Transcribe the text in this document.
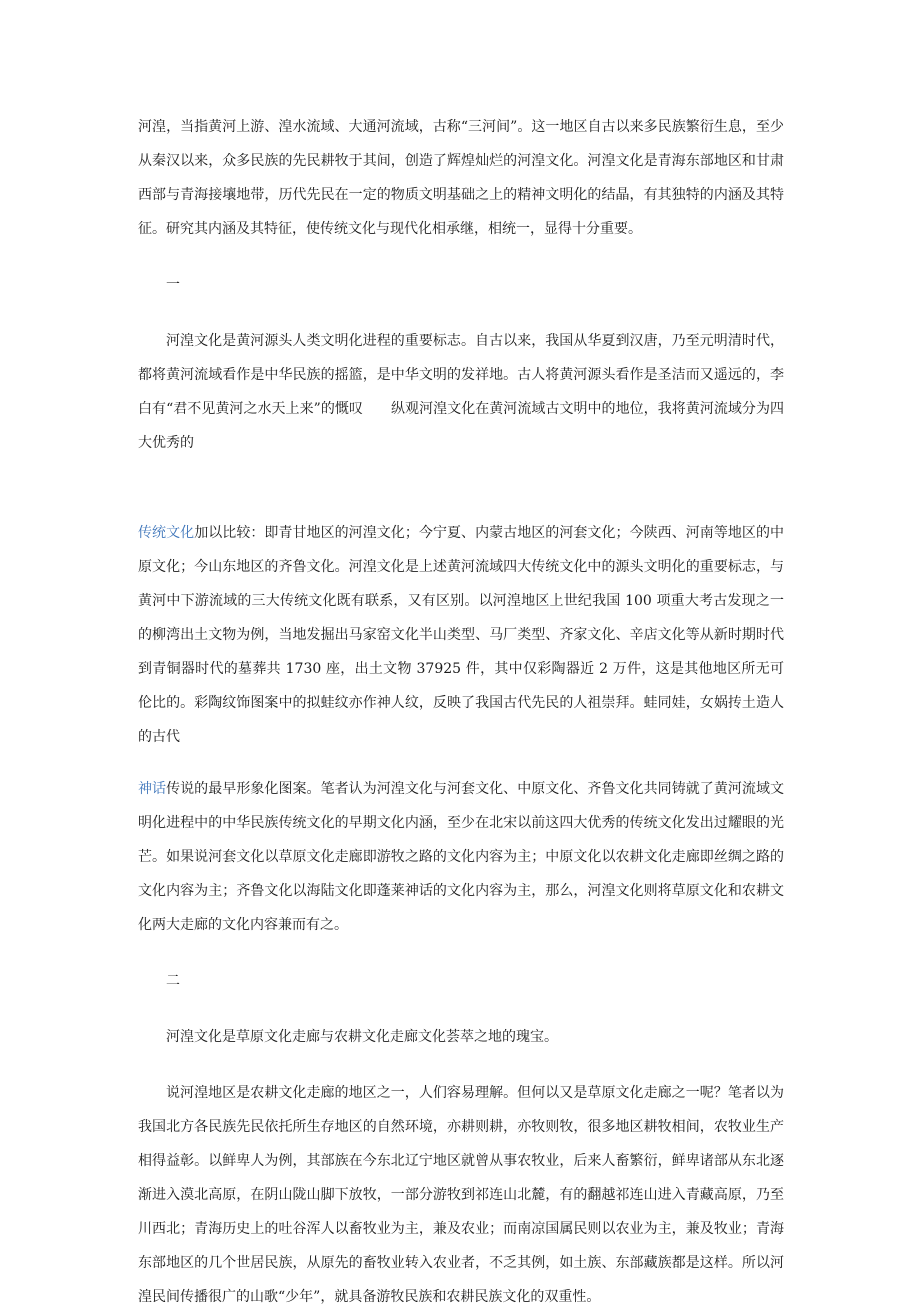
河湟，当指黄河上游、湟水流域、大通河流域，古称“三河间”。这一地区自古以来多民族繁衍生息，至少从秦汉以来，众多民族的先民耕牧于其间，创造了辉煌灿烂的河湟文化。河湟文化是青海东部地区和甘肃西部与青海接壤地带，历代先民在一定的物质文明基础之上的精神文明化的结晶，有其独特的内涵及其特征。研究其内涵及其特征，使传统文化与现代化相承继，相统一，显得十分重要。

一

河湟文化是黄河源头人类文明化进程的重要标志。自古以来，我国从华夏到汉唐，乃至元明清时代，都将黄河流域看作是中华民族的摇篮，是中华文明的发祥地。古人将黄河源头看作是圣洁而又遥远的，李白有“君不见黄河之水天上来”的慨叹　　纵观河湟文化在黄河流域古文明中的地位，我将黄河流域分为四大优秀的

传统文化加以比较：即青甘地区的河湟文化；今宁夏、内蒙古地区的河套文化；今陕西、河南等地区的中原文化；今山东地区的齐鲁文化。河湟文化是上述黄河流域四大传统文化中的源头文明化的重要标志，与黄河中下游流域的三大传统文化既有联系，又有区别。以河湟地区上世纪我国 100 项重大考古发现之一的柳湾出土文物为例，当地发掘出马家窑文化半山类型、马厂类型、齐家文化、辛店文化等从新时期时代到青铜器时代的墓葬共 1730 座，出土文物 37925 件，其中仅彩陶器近 2 万件，这是其他地区所无可伦比的。彩陶纹饰图案中的拟蛙纹亦作神人纹，反映了我国古代先民的人祖崇拜。蛙同娃，女娲抟土造人的古代

神话传说的最早形象化图案。笔者认为河湟文化与河套文化、中原文化、齐鲁文化共同铸就了黄河流域文明化进程中的中华民族传统文化的早期文化内涵，至少在北宋以前这四大优秀的传统文化发出过耀眼的光芒。如果说河套文化以草原文化走廊即游牧之路的文化内容为主；中原文化以农耕文化走廊即丝绸之路的文化内容为主；齐鲁文化以海陆文化即蓬莱神话的文化内容为主，那么，河湟文化则将草原文化和农耕文化两大走廊的文化内容兼而有之。

二

河湟文化是草原文化走廊与农耕文化走廊文化荟萃之地的瑰宝。

说河湟地区是农耕文化走廊的地区之一，人们容易理解。但何以又是草原文化走廊之一呢？笔者以为我国北方各民族先民依托所生存地区的自然环境，亦耕则耕，亦牧则牧，很多地区耕牧相间，农牧业生产相得益彰。以鲜卑人为例，其部族在今东北辽宁地区就曾从事农牧业，后来人畜繁衍，鲜卑诸部从东北逐渐进入漠北高原，在阴山陇山脚下放牧，一部分游牧到祁连山北麓，有的翻越祁连山进入青藏高原，乃至川西北；青海历史上的吐谷浑人以畜牧业为主，兼及农业；而南凉国属民则以农业为主，兼及牧业；青海东部地区的几个世居民族，从原先的畜牧业转入农业者，不乏其例，如土族、东部藏族都是这样。所以河湟民间传播很广的山歌“少年”，就具备游牧民族和农耕民族文化的双重性。
